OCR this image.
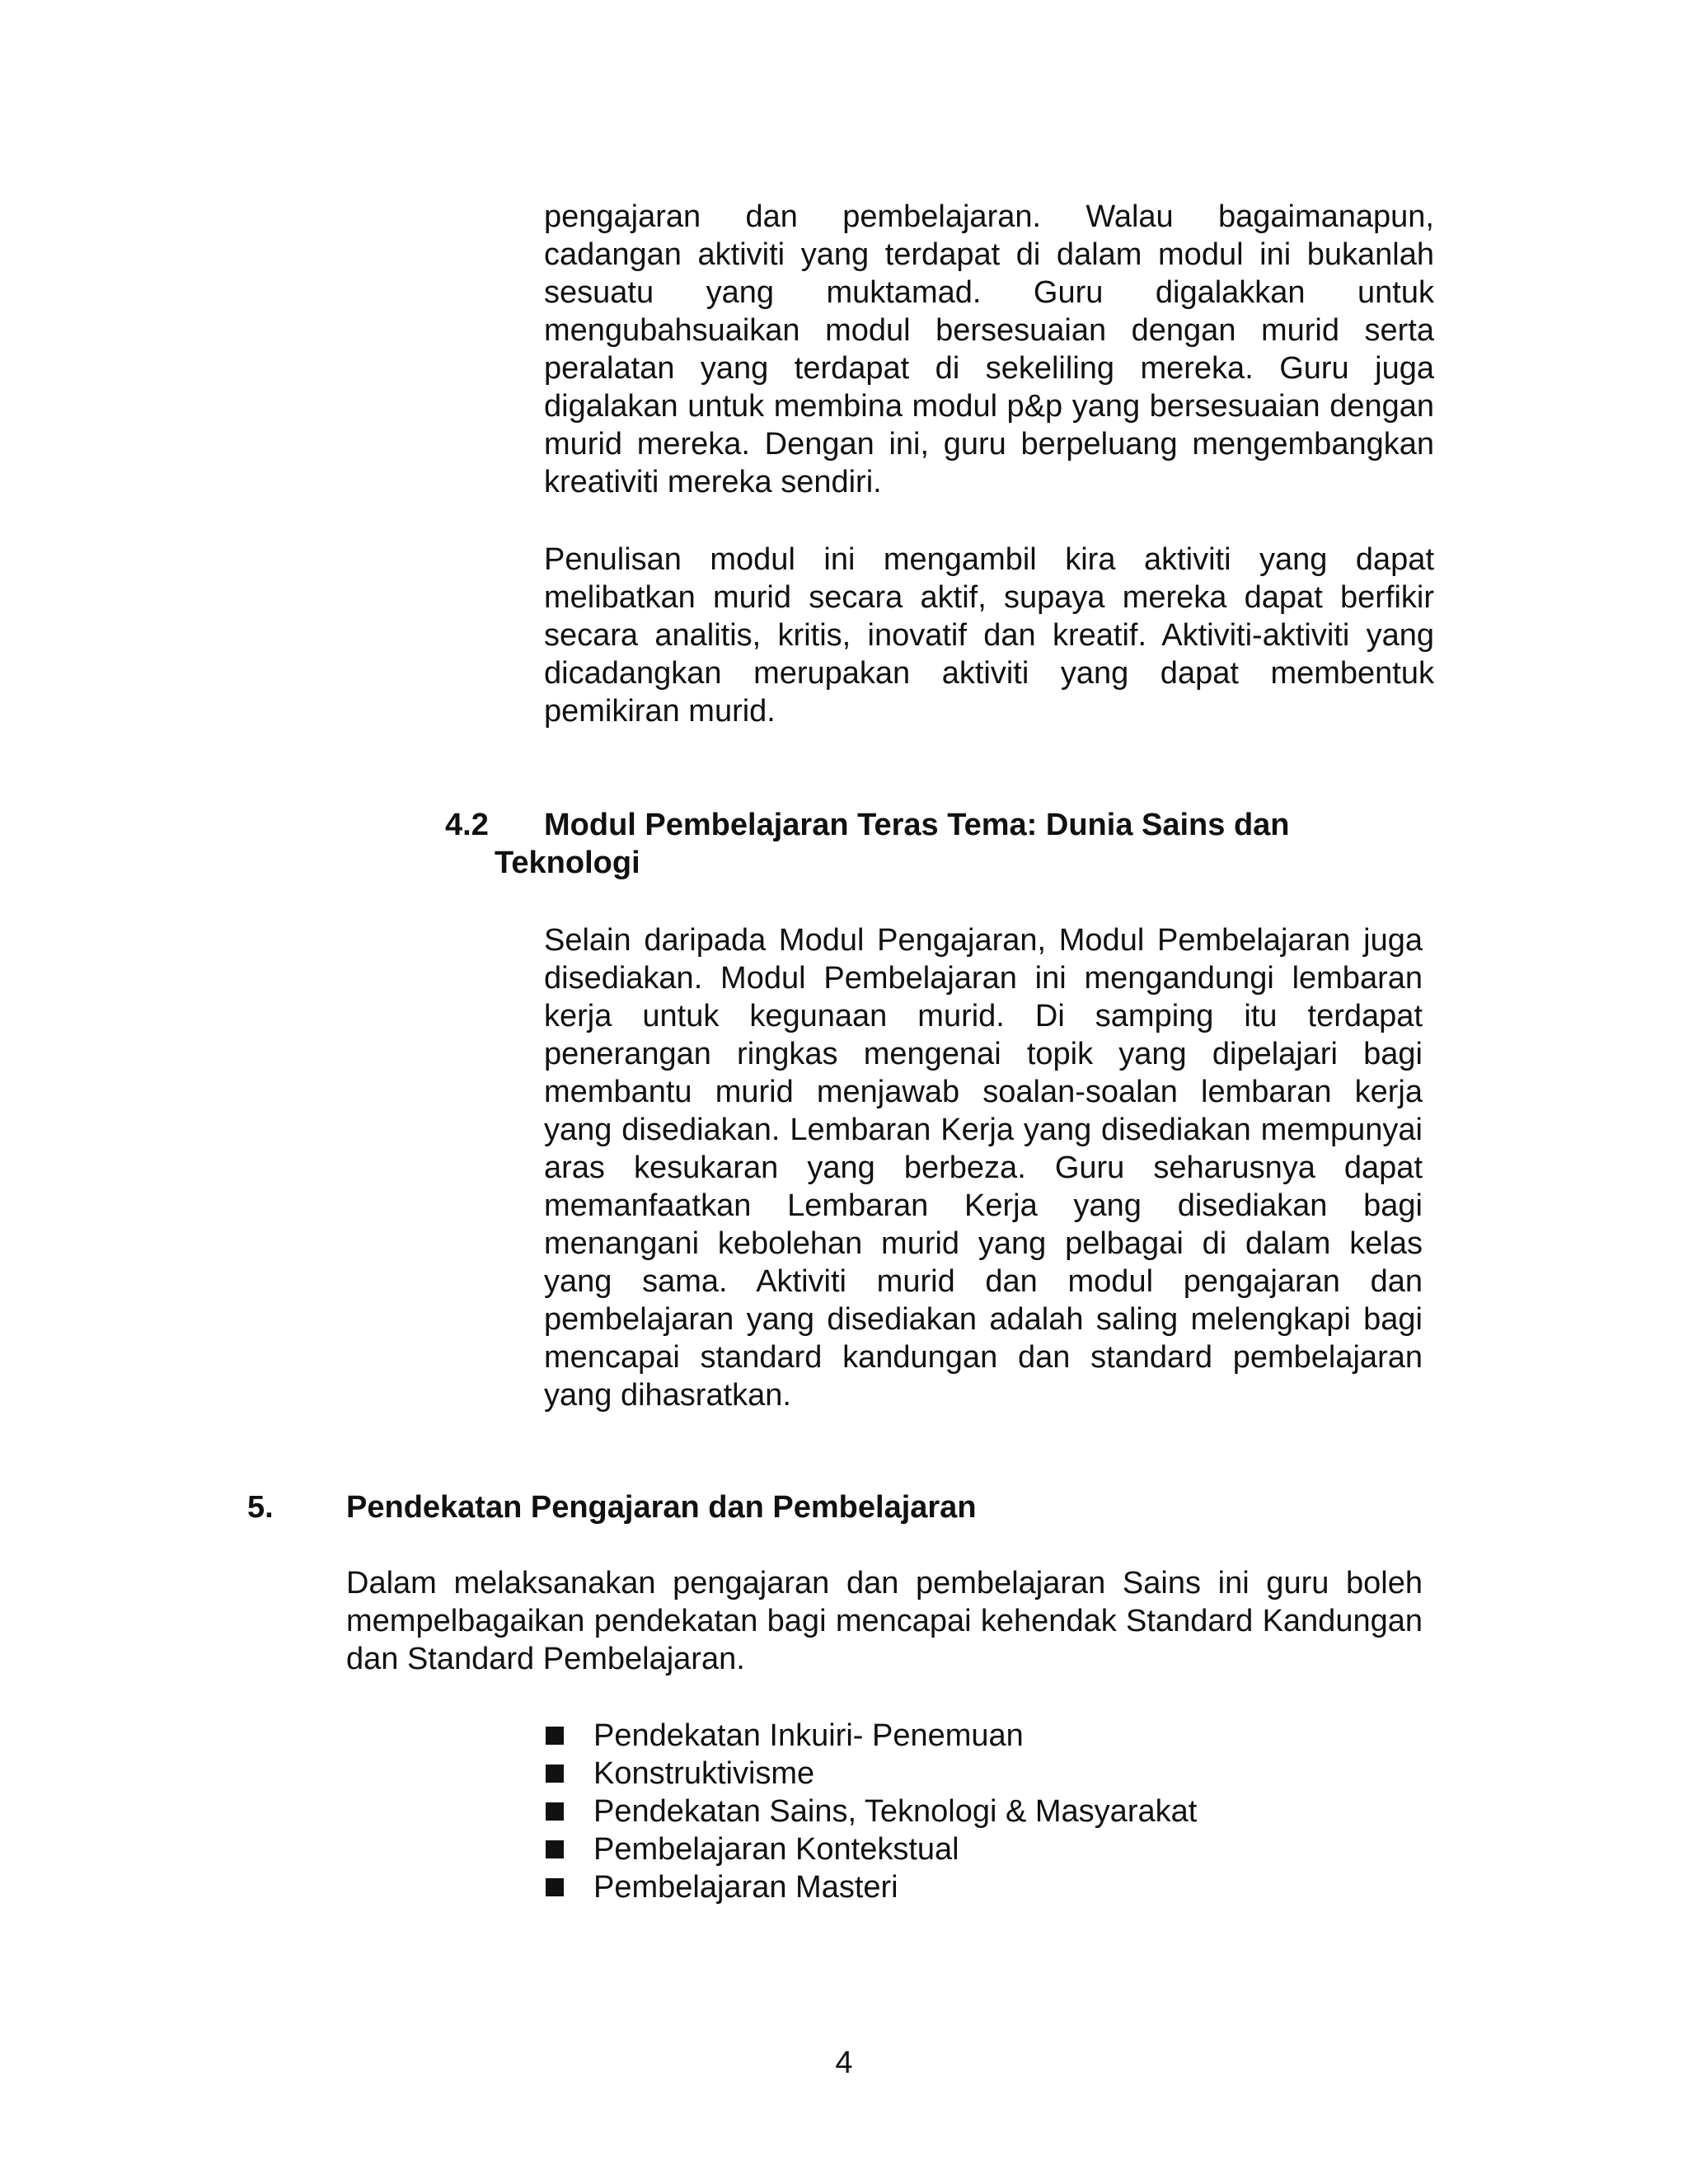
pengajaran dan pembelajaran. Walau bagaimanapun, cadangan aktiviti yang terdapat di dalam modul ini bukanlah sesuatu yang muktamad. Guru digalakkan untuk mengubahsuaikan modul bersesuaian dengan murid serta peralatan yang terdapat di sekeliling mereka. Guru juga digalakan untuk membina modul p&p yang bersesuaian dengan murid mereka. Dengan ini, guru berpeluang mengembangkan kreativiti mereka sendiri.

Penulisan modul ini mengambil kira aktiviti yang dapat melibatkan murid secara aktif, supaya mereka dapat berfikir secara analitis, kritis, inovatif dan kreatif. Aktiviti-aktiviti yang dicadangkan merupakan aktiviti yang dapat membentuk pemikiran murid.

4.2 Modul Pembelajaran Teras Tema: Dunia Sains dan
Teknologi

Selain daripada Modul Pengajaran, Modul Pembelajaran juga disediakan. Modul Pembelajaran ini mengandungi lembaran kerja untuk kegunaan murid. Di samping itu terdapat penerangan ringkas mengenai topik yang dipelajari bagi membantu murid menjawab soalan-soalan lembaran kerja yang disediakan. Lembaran Kerja yang disediakan mempunyai aras kesukaran yang berbeza. Guru seharusnya dapat memanfaatkan Lembaran Kerja yang disediakan bagi menangani kebolehan murid yang pelbagai di dalam kelas yang sama. Aktiviti murid dan modul pengajaran dan pembelajaran yang disediakan adalah saling melengkapi bagi mencapai standard kandungan dan standard pembelajaran yang dihasratkan.

5. Pendekatan Pengajaran dan Pembelajaran

Dalam melaksanakan pengajaran dan pembelajaran Sains ini guru boleh mempelbagaikan pendekatan bagi mencapai kehendak Standard Kandungan dan Standard Pembelajaran.

Pendekatan Inkuiri- Penemuan
Konstruktivisme
Pendekatan Sains, Teknologi & Masyarakat
Pembelajaran Kontekstual
Pembelajaran Masteri
4
